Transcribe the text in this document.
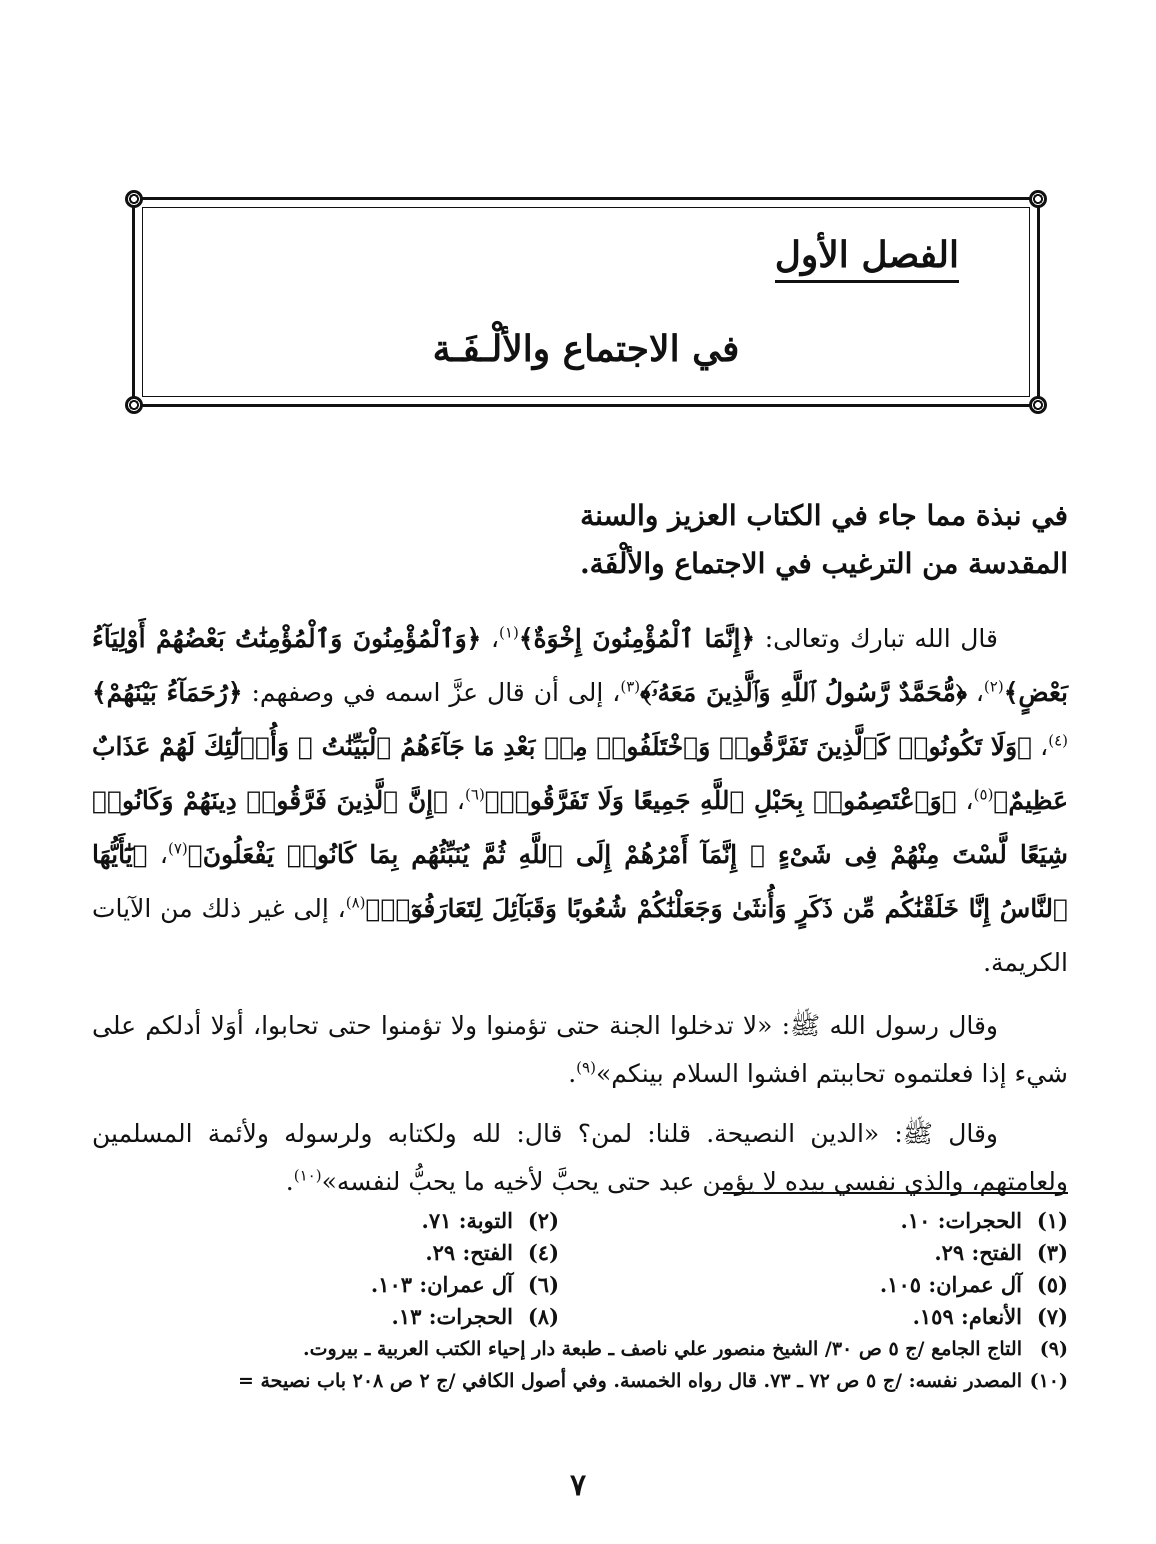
الفصل الأول
في الاجتماع والألْـفَـة
في نبذة مما جاء في الكتاب العزيز والسنة
المقدسة من الترغيب في الاجتماع والألْفَة.

قال الله تبارك وتعالى: ﴿إِنَّمَا ٱلْمُؤْمِنُونَ إِخْوَةٌ﴾$^{(١)}$، ﴿وَٱلْمُؤْمِنُونَ وَٱلْمُؤْمِنَٰتُ بَعْضُهُمْ أَوْلِيَآءُ بَعْضٍ﴾$^{(٢)}$، ﴿مُّحَمَّدٌ رَّسُولُ ٱللَّهِ وَٱلَّذِينَ مَعَهُۥٓ﴾$^{(٣)}$، إلى أن قال عزَّ اسمه في وصفهم: ﴿رُحَمَآءُ بَيْنَهُمْ﴾$^{(٤)}$، ﴿وَلَا تَكُونُوا۟ كَٱلَّذِينَ تَفَرَّقُوا۟ وَٱخْتَلَفُوا۟ مِنۢ بَعْدِ مَا جَآءَهُمُ ٱلْبَيِّنَٰتُ ۚ وَأُو۟لَٰٓئِكَ لَهُمْ عَذَابٌ عَظِيمٌ﴾$^{(٥)}$، ﴿وَٱعْتَصِمُوا۟ بِحَبْلِ ٱللَّهِ جَمِيعًا وَلَا تَفَرَّقُوا۟﴾$^{(٦)}$، ﴿إِنَّ ٱلَّذِينَ فَرَّقُوا۟ دِينَهُمْ وَكَانُوا۟ شِيَعًا لَّسْتَ مِنْهُمْ فِى شَىْءٍ ۚ إِنَّمَآ أَمْرُهُمْ إِلَى ٱللَّهِ ثُمَّ يُنَبِّئُهُم بِمَا كَانُوا۟ يَفْعَلُونَ﴾$^{(٧)}$، ﴿يَٰٓأَيُّهَا ٱلنَّاسُ إِنَّا خَلَقْنَٰكُم مِّن ذَكَرٍ وَأُنثَىٰ وَجَعَلْنَٰكُمْ شُعُوبًا وَقَبَآئِلَ لِتَعَارَفُوٓا۟﴾$^{(٨)}$، إلى غير ذلك من الآيات الكريمة.

وقال رسول الله ﷺ: «لا تدخلوا الجنة حتى تؤمنوا ولا تؤمنوا حتى تحابوا، أوَلا أدلكم على شيء إذا فعلتموه تحاببتم افشوا السلام بينكم»$^{(٩)}$.

وقال ﷺ: «الدين النصيحة. قلنا: لمن؟ قال: لله ولكتابه ولرسوله ولأئمة المسلمين ولعامتهم، والذي نفسي بيده لا يؤمن عبد حتى يحبَّ لأخيه ما يحبُّ لنفسه»$^{(١٠)}$.

(١)الحجرات: ١٠.
(٢)التوبة: ٧١.
(٣)الفتح: ٢٩.
(٤)الفتح: ٢٩.
(٥)آل عمران: ١٠٥.
(٦)آل عمران: ١٠٣.
(٧)الأنعام: ١٥٩.
(٨)الحجرات: ١٣.
(٩)التاج الجامع /ج ٥ ص ٣٠/ الشيخ منصور علي ناصف ـ طبعة دار إحياء الكتب العربية ـ بيروت.
(١٠)المصدر نفسه: /ج ٥ ص ٧٢ ـ ٧٣. قال رواه الخمسة. وفي أصول الكافي /ج ٢ ص ٢٠٨ باب نصيحة =
٧
